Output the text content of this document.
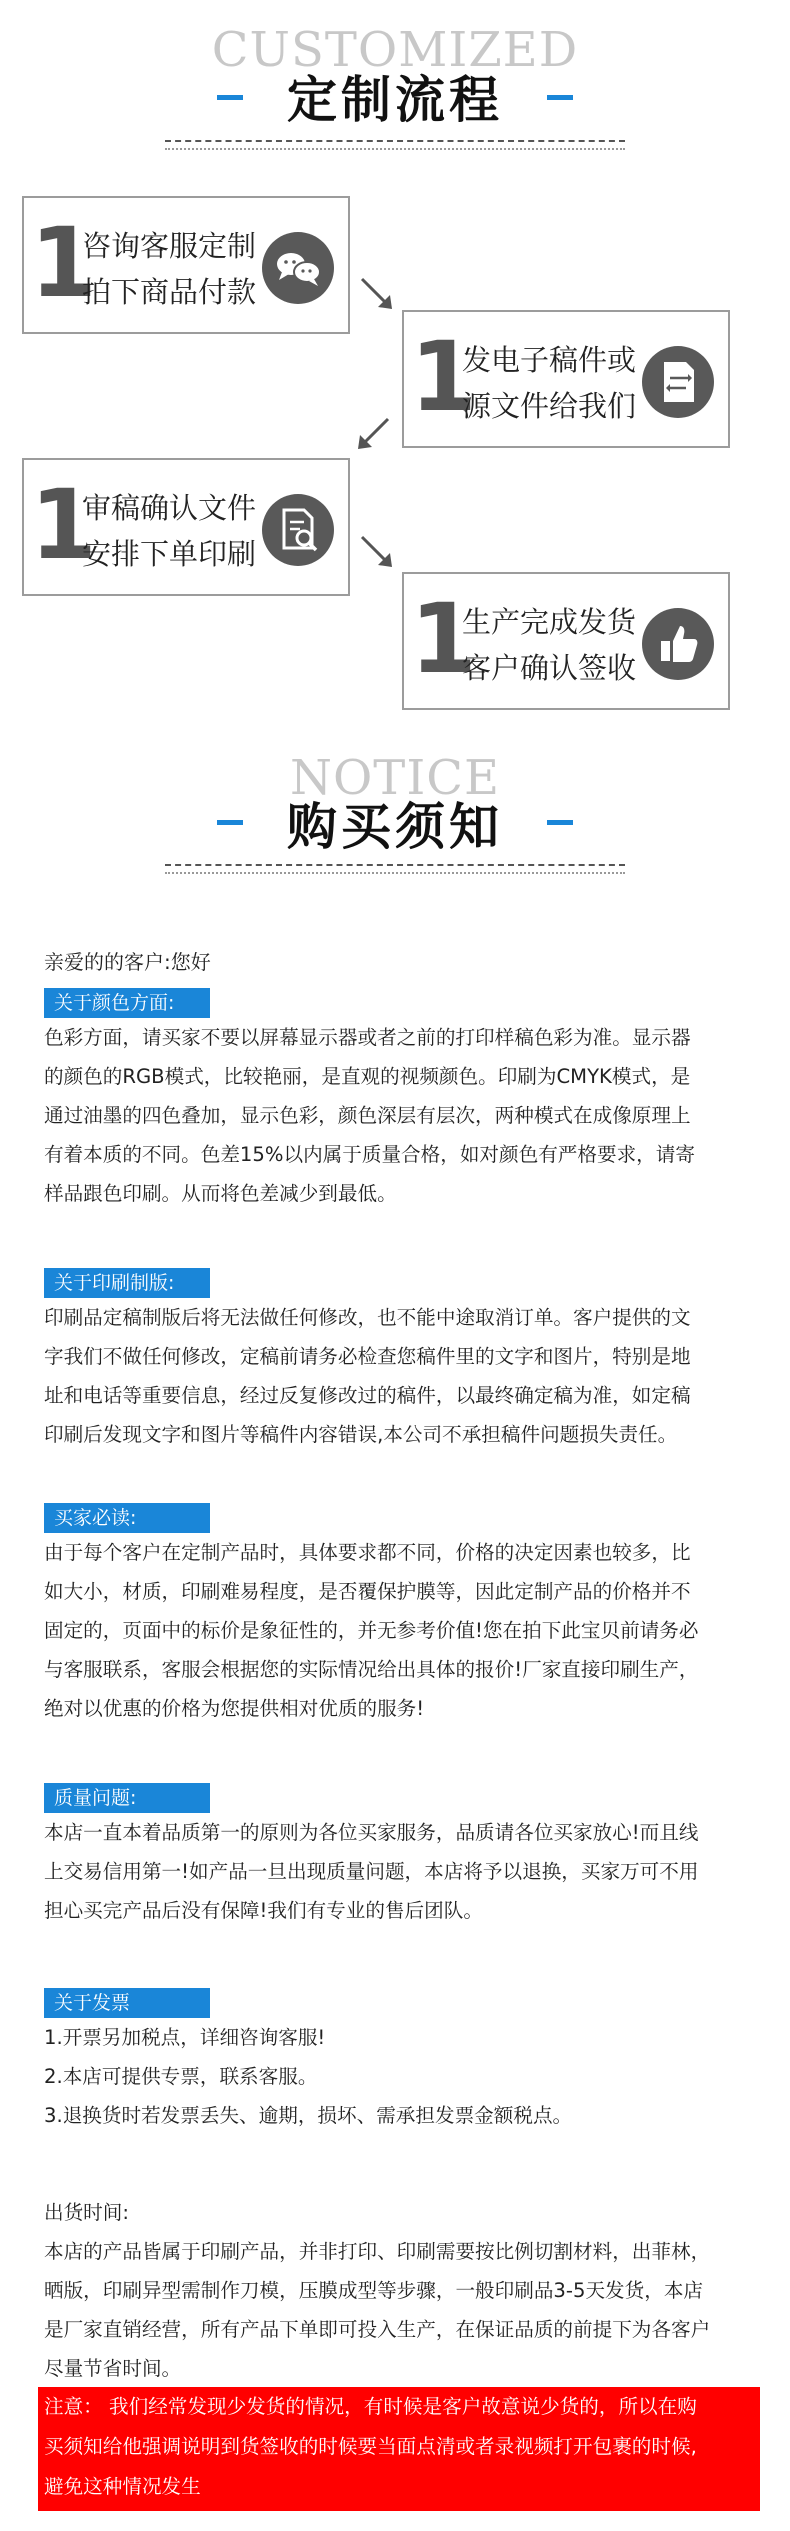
CUSTOMIZED
定制流程
1
咨询客服定制
拍下商品付款
1
发电子稿件或
源文件给我们
1
审稿确认文件
安排下单印刷
1
生产完成发货
客户确认签收
NOTICE
购买须知
亲爱的的客户:您好
关于颜色方面:
色彩方面，请买家不要以屏幕显示器或者之前的打印样稿色彩为准。显示器
的颜色的RGB模式，比较艳丽，是直观的视频颜色。印刷为CMYK模式，是
通过油墨的四色叠加，显示色彩，颜色深层有层次，两种模式在成像原理上
有着本质的不同。色差15%以内属于质量合格，如对颜色有严格要求，请寄
样品跟色印刷。从而将色差减少到最低。
关于印刷制版:
印刷品定稿制版后将无法做任何修改，也不能中途取消订单。客户提供的文
字我们不做任何修改，定稿前请务必检查您稿件里的文字和图片，特别是地
址和电话等重要信息，经过反复修改过的稿件，以最终确定稿为准，如定稿
印刷后发现文字和图片等稿件内容错误,本公司不承担稿件问题损失责任。
买家必读:
由于每个客户在定制产品时，具体要求都不同，价格的决定因素也较多，比
如大小，材质，印刷难易程度，是否覆保护膜等，因此定制产品的价格并不
固定的，页面中的标价是象征性的，并无参考价值!您在拍下此宝贝前请务必
与客服联系，客服会根据您的实际情况给出具体的报价!厂家直接印刷生产，
绝对以优惠的价格为您提供相对优质的服务!
质量问题:
本店一直本着品质第一的原则为各位买家服务，品质请各位买家放心!而且线
上交易信用第一!如产品一旦出现质量问题，本店将予以退换，买家万可不用
担心买完产品后没有保障!我们有专业的售后团队。
关于发票
1.开票另加税点，详细咨询客服!
2.本店可提供专票，联系客服。
3.退换货时若发票丢失、逾期，损坏、需承担发票金额税点。
出货时间:
本店的产品皆属于印刷产品，并非打印、印刷需要按比例切割材料，出菲林，
晒版，印刷异型需制作刀模，压膜成型等步骤，一般印刷品3-5天发货，本店
是厂家直销经营，所有产品下单即可投入生产，在保证品质的前提下为各客户
尽量节省时间。
注意： 我们经常发现少发货的情况，有时候是客户故意说少货的，所以在购
买须知给他强调说明到货签收的时候要当面点清或者录视频打开包裹的时候,
避免这种情况发生
